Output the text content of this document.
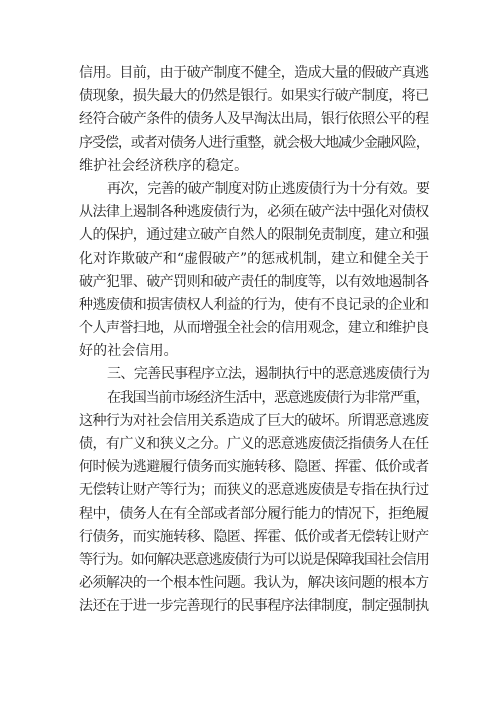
信用。目前，由于破产制度不健全，造成大量的假破产真逃
债现象，损失最大的仍然是银行。如果实行破产制度，将已
经符合破产条件的债务人及早淘汰出局，银行依照公平的程
序受偿，或者对债务人进行重整，就会极大地减少金融风险，
维护社会经济秩序的稳定。
再次，完善的破产制度对防止逃废债行为十分有效。要
从法律上遏制各种逃废债行为，必须在破产法中强化对债权
人的保护，通过建立破产自然人的限制免责制度，建立和强
化对诈欺破产和“虚假破产”的惩戒机制，建立和健全关于
破产犯罪、破产罚则和破产责任的制度等，以有效地遏制各
种逃废债和损害债权人利益的行为，使有不良记录的企业和
个人声誉扫地，从而增强全社会的信用观念，建立和维护良
好的社会信用。
三、完善民事程序立法，遏制执行中的恶意逃废债行为
在我国当前市场经济生活中，恶意逃废债行为非常严重，
这种行为对社会信用关系造成了巨大的破坏。所谓恶意逃废
债，有广义和狭义之分。广义的恶意逃废债泛指债务人在任
何时候为逃避履行债务而实施转移、隐匿、挥霍、低价或者
无偿转让财产等行为；而狭义的恶意逃废债是专指在执行过
程中，债务人在有全部或者部分履行能力的情况下，拒绝履
行债务，而实施转移、隐匿、挥霍、低价或者无偿转让财产
等行为。如何解决恶意逃废债行为可以说是保障我国社会信用
必须解决的一个根本性问题。我认为，解决该问题的根本方
法还在于进一步完善现行的民事程序法律制度，制定强制执
